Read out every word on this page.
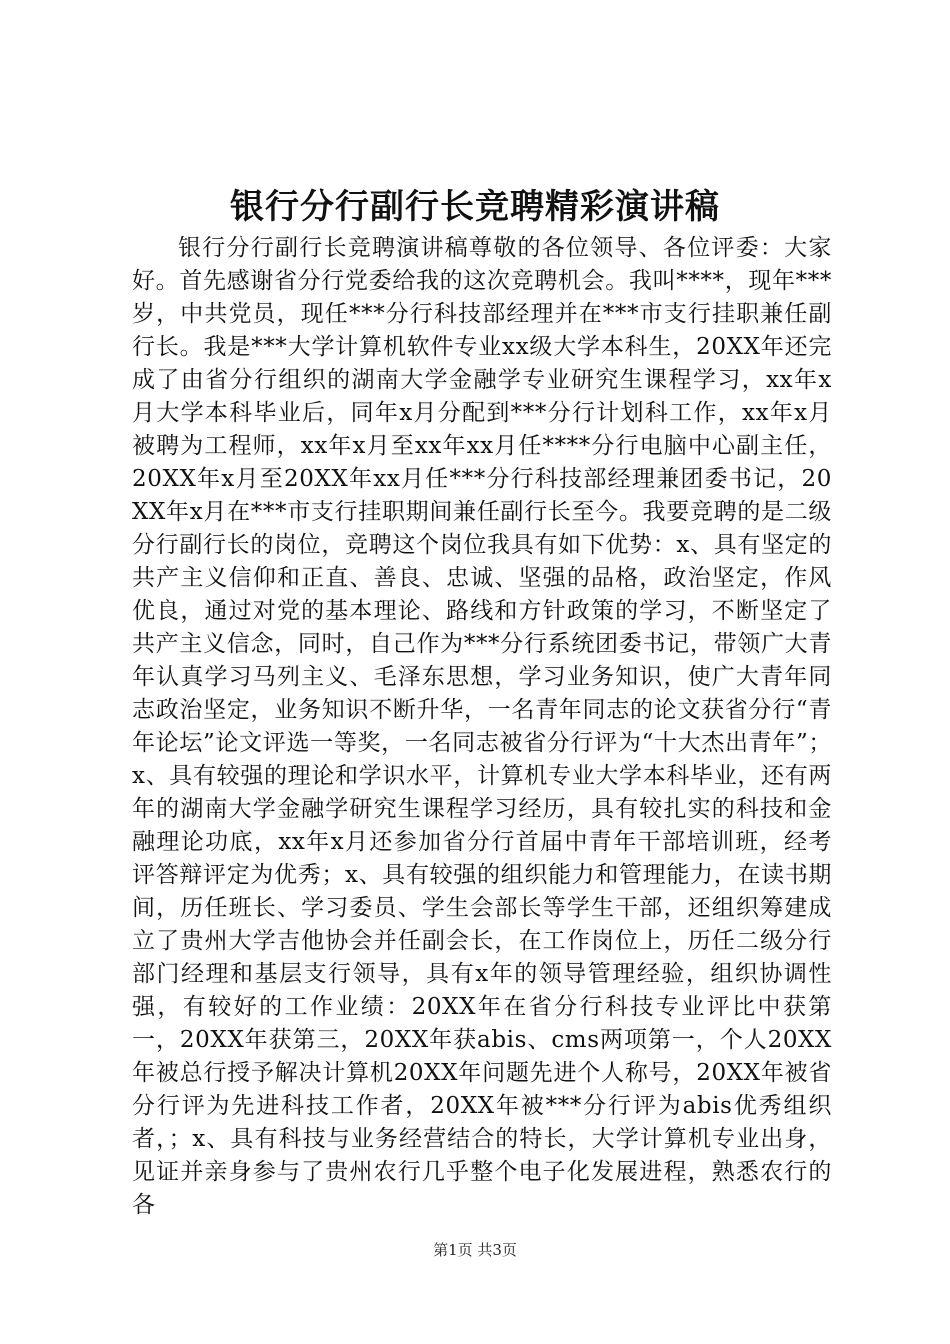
银行分行副行长竞聘精彩演讲稿

银行分行副行长竞聘演讲稿尊敬的各位领导、各位评委：大家好。首先感谢省分行党委给我的这次竞聘机会。我叫****，现年***岁，中共党员，现任***分行科技部经理并在***市支行挂职兼任副行长。我是***大学计算机软件专业xx级大学本科生，20XX年还完成了由省分行组织的湖南大学金融学专业研究生课程学习，xx年x月大学本科毕业后，同年x月分配到***分行计划科工作，xx年x月被聘为工程师，xx年x月至xx年xx月任****分行电脑中心副主任，20XX年x月至20XX年xx月任***分行科技部经理兼团委书记，20XX年x月在***市支行挂职期间兼任副行长至今。我要竞聘的是二级分行副行长的岗位，竞聘这个岗位我具有如下优势：x、具有坚定的共产主义信仰和正直、善良、忠诚、坚强的品格，政治坚定，作风优良，通过对党的基本理论、路线和方针政策的学习，不断坚定了共产主义信念，同时，自己作为***分行系统团委书记，带领广大青年认真学习马列主义、毛泽东思想，学习业务知识，使广大青年同志政治坚定，业务知识不断升华，一名青年同志的论文获省分行“青年论坛”论文评选一等奖，一名同志被省分行评为“十大杰出青年”；x、具有较强的理论和学识水平，计算机专业大学本科毕业，还有两年的湖南大学金融学研究生课程学习经历，具有较扎实的科技和金融理论功底，xx年x月还参加省分行首届中青年干部培训班，经考评答辩评定为优秀；x、具有较强的组织能力和管理能力，在读书期间，历任班长、学习委员、学生会部长等学生干部，还组织筹建成立了贵州大学吉他协会并任副会长，在工作岗位上，历任二级分行部门经理和基层支行领导，具有x年的领导管理经验，组织协调性强，有较好的工作业绩：20XX年在省分行科技专业评比中获第一，20XX年获第三，20XX年获abis、cms两项第一，个人20XX年被总行授予解决计算机20XX年问题先进个人称号，20XX年被省分行评为先进科技工作者，20XX年被***分行评为abis优秀组织者，；x、具有科技与业务经营结合的特长，大学计算机专业出身，见证并亲身参与了贵州农行几乎整个电子化发展进程，熟悉农行的各

第1页 共3页
